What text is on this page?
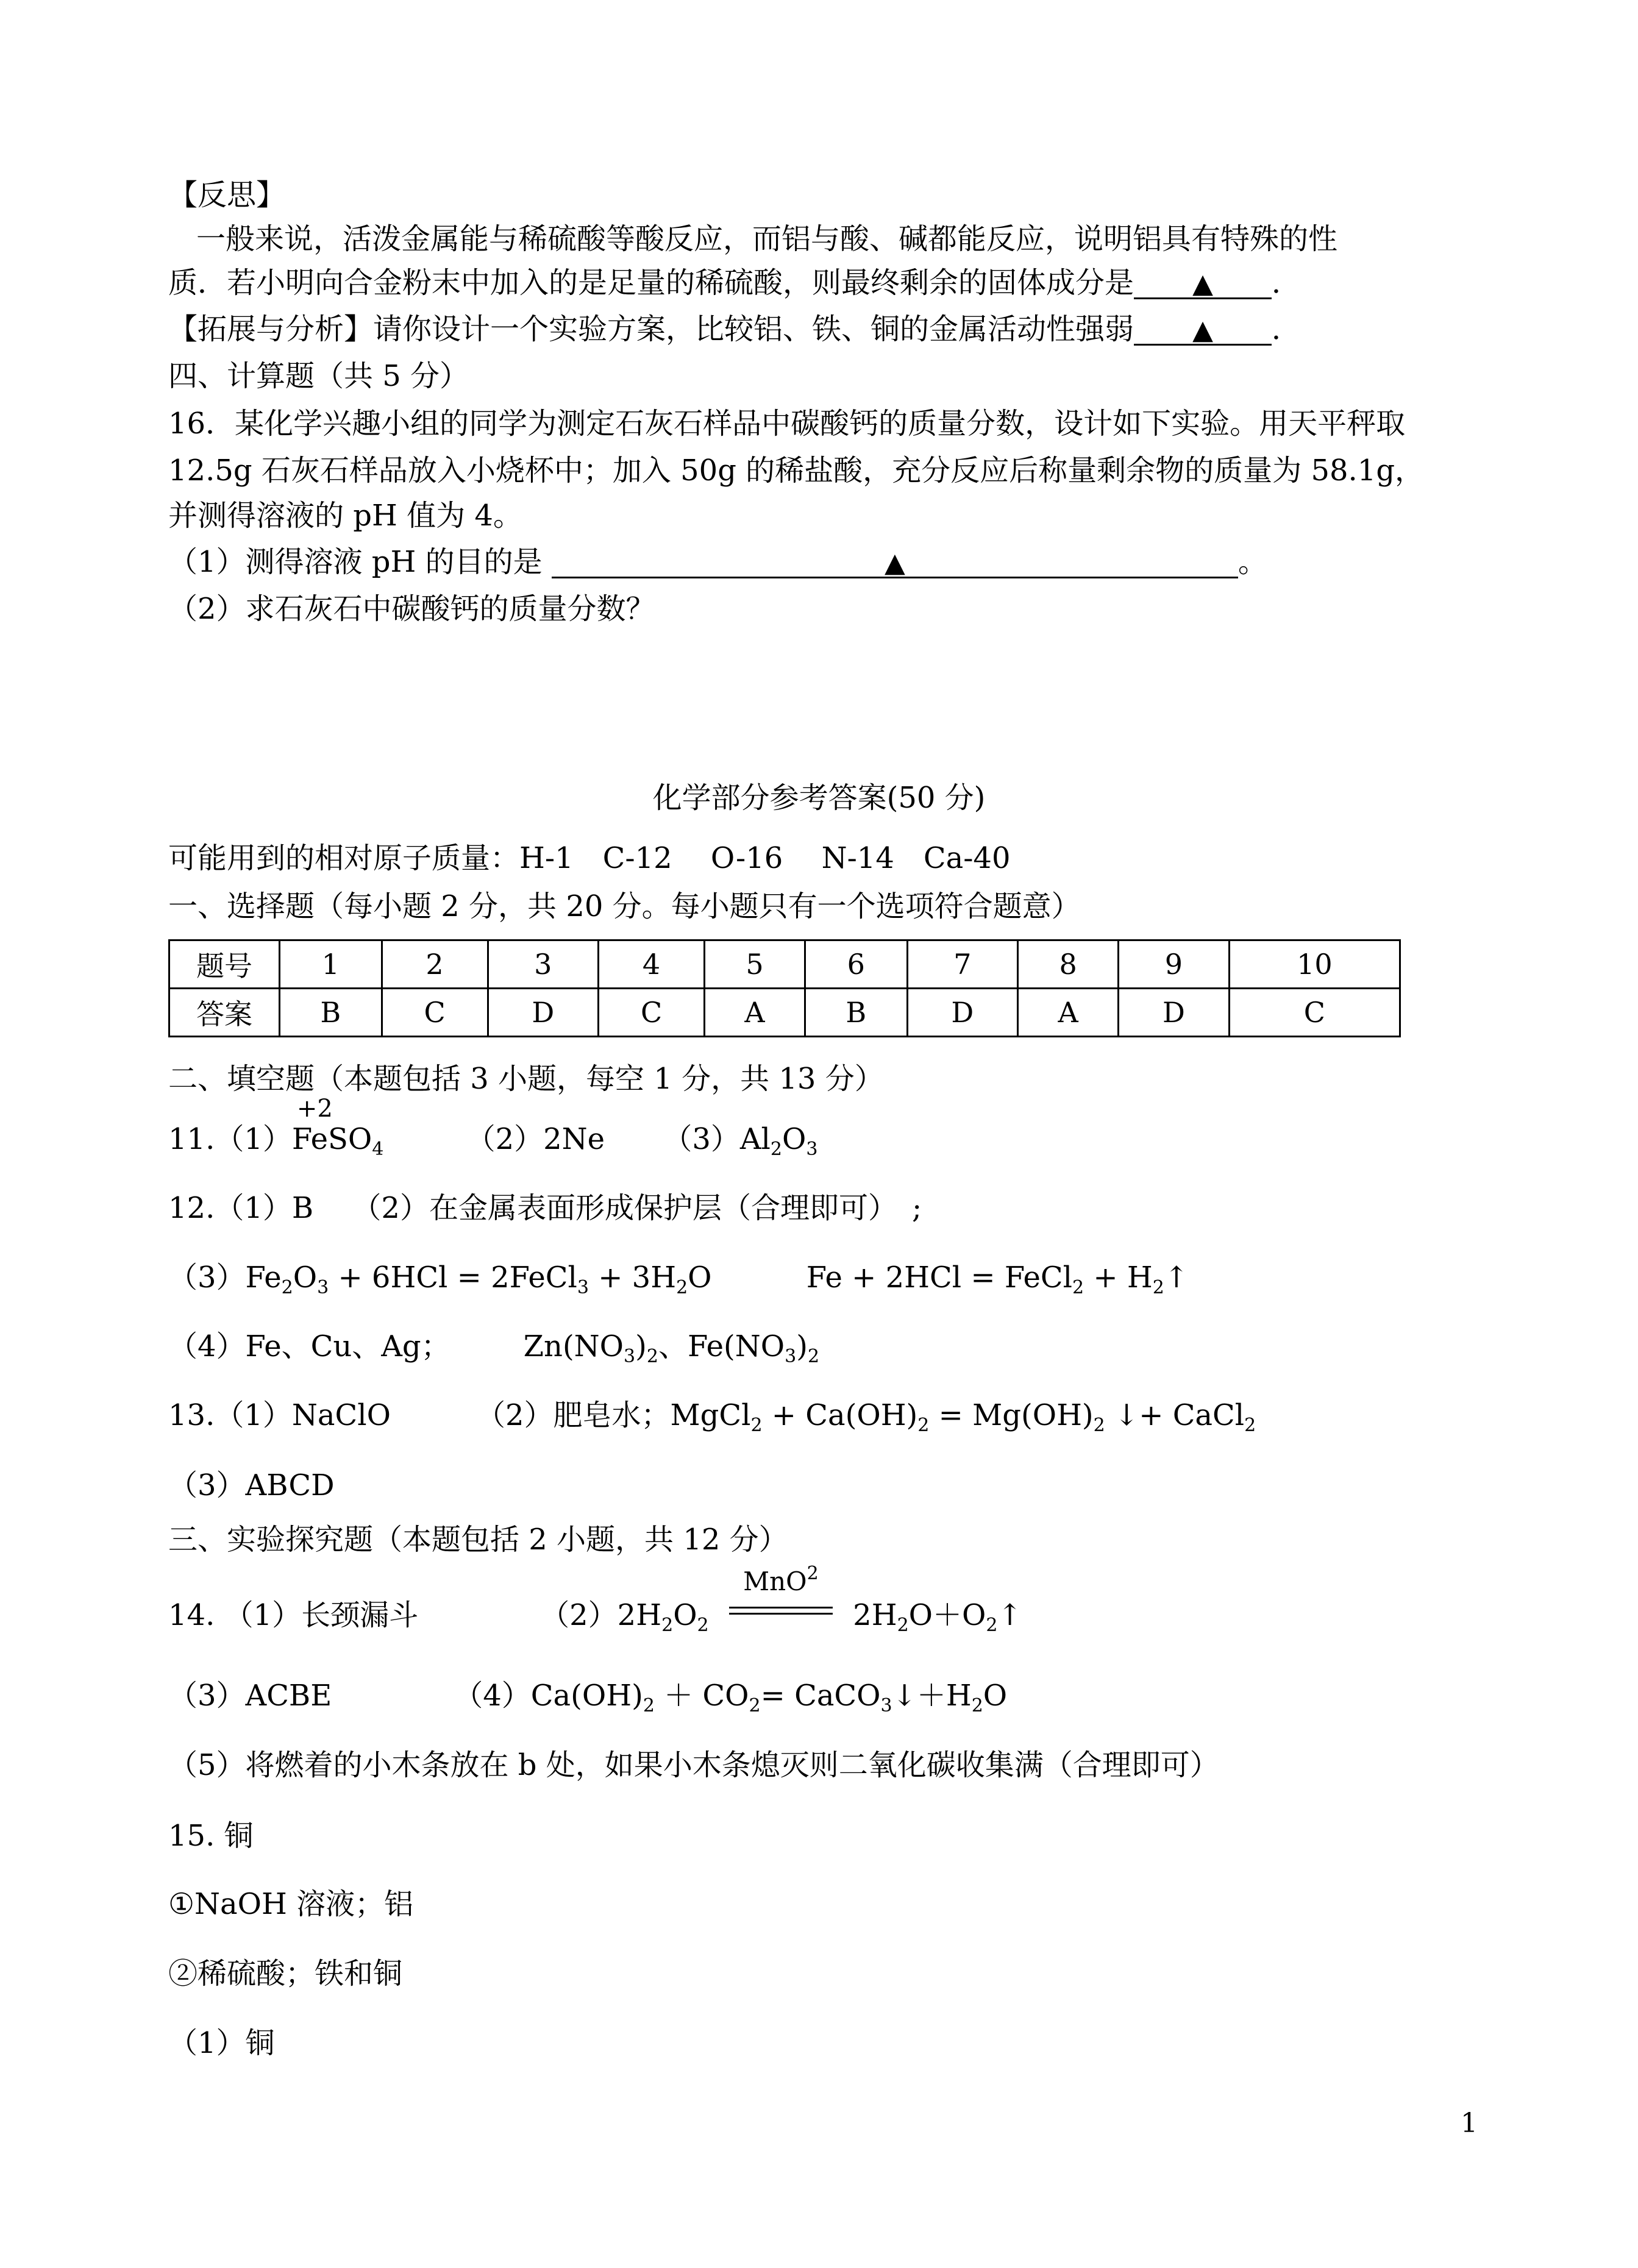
【反思】
一般来说，活泼金属能与稀硫酸等酸反应，而铝与酸、碱都能反应，说明铝具有特殊的性
质．若小明向合金粉末中加入的是足量的稀硫酸，则最终剩余的固体成分是 ▲ ．
【拓展与分析】请你设计一个实验方案，比较铝、铁、铜的金属活动性强弱 ▲ ．
四、计算题（共 5 分）
16．某化学兴趣小组的同学为测定石灰石样品中碳酸钙的质量分数，设计如下实验。用天平秤取
12.5g 石灰石样品放入小烧杯中；加入 50g 的稀盐酸，充分反应后称量剩余物的质量为 58.1g，
并测得溶液的 pH 值为 4。
（1）测得溶液 pH 的目的是	▲	。
（2）求石灰石中碳酸钙的质量分数？
化学部分参考答案(50 分)
可能用到的相对原子质量：H-1　C-12　 O-16　 N-14　Ca-40
一、选择题（每小题 2 分，共 20 分。每小题只有一个选项符合题意）
题号	1	2	3	4	5	6	7	8	9	10
答案	B	C	D	C	A	B	D	A	D	C
二、填空题（本题包括 3 小题，每空 1 分，共 13 分）
11.（1）
+2
FeSO$_4$	（2）2Ne $(3)Al_2O_3$
12.（1）B　 （2）在金属表面形成保护层（合理即可）　;
$(3)Fe_2O_3 + 6HCl$ = 2FeCl$_3$ + $3H_2O$	Fe + 2HCl = FeCl$_2$ + $H_2↑$
（4）Fe、Cu、Ag；	$Zn(NO_3)_2$、$Fe(NO_3)_2$
13.（1）NaClO	（2）肥皂水；MgCl$_2$ + $Ca(OH)_2 = Mg(OH)_2$ ↓+ CaCl$_2$
（3）ABCD
三、实验探究题（本题包括 2 小题，共 12 分）
14. （1）长颈漏斗	$(2)2H_2O_2$
MnO$^2$
$2H_2O+O_2↑$
（3）ACBE	$(4)Ca(OH)_2 + CO_2=$ $CaCO_3↓+H_2O$
（5）将燃着的小木条放在 b 处，如果小木条熄灭则二氧化碳收集满（合理即可）
15. 铜
①NaOH 溶液；铝
②稀硫酸；铁和铜
（1）铜
1
